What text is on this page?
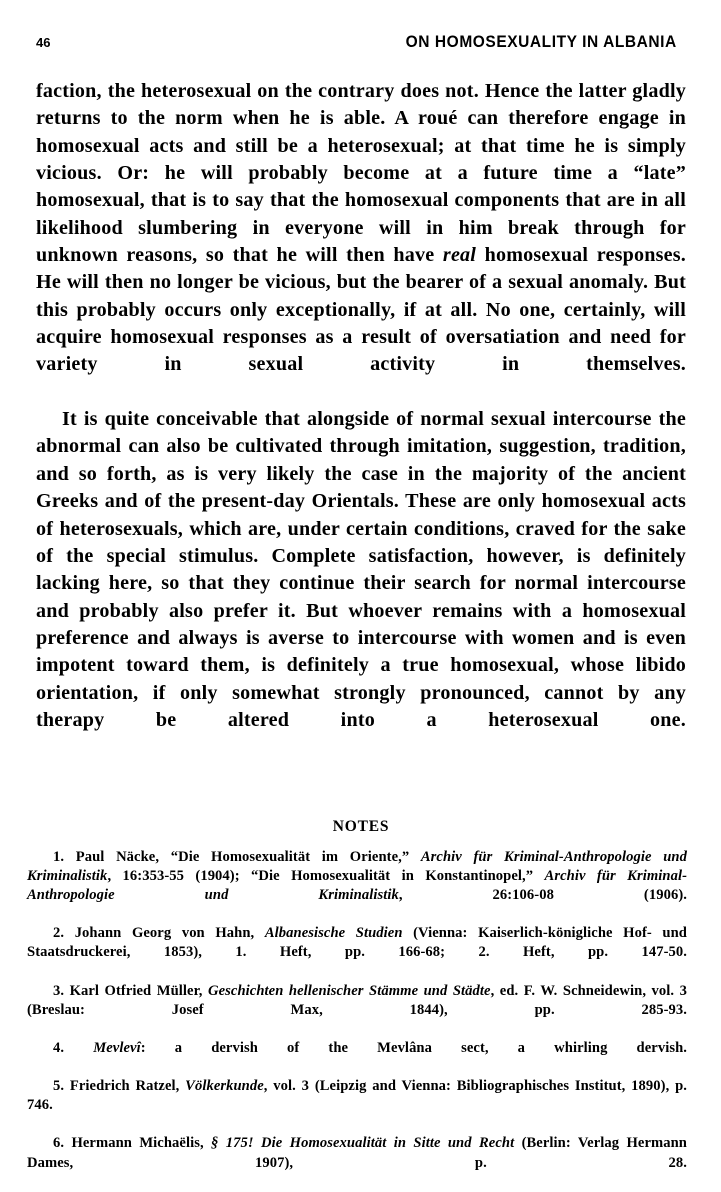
46	ON HOMOSEXUALITY IN ALBANIA

faction, the heterosexual on the contrary does not. Hence the latter gladly returns to the norm when he is able. A roué can therefore engage in homosexual acts and still be a heterosexual; at that time he is simply vicious. Or: he will probably become at a future time a “late” homosexual, that is to say that the homosexual components that are in all likelihood slumbering in everyone will in him break through for unknown reasons, so that he will then have real homosexual responses. He will then no longer be vicious, but the bearer of a sexual anomaly. But this probably occurs only exceptionally, if at all. No one, certainly, will acquire homosexual responses as a result of oversatiation and need for variety in sexual activity in themselves.

It is quite conceivable that alongside of normal sexual intercourse the abnormal can also be cultivated through imitation, suggestion, tradition, and so forth, as is very likely the case in the majority of the ancient Greeks and of the present-day Orientals. These are only homosexual acts of heterosexuals, which are, under certain conditions, craved for the sake of the special stimulus. Complete satisfaction, however, is definitely lacking here, so that they continue their search for normal intercourse and probably also prefer it. But whoever remains with a homosexual preference and always is averse to intercourse with women and is even impotent toward them, is definitely a true homosexual, whose libido orientation, if only somewhat strongly pronounced, cannot by any therapy be altered into a heterosexual one.

NOTES

1. Paul Näcke, “Die Homosexualität im Oriente,” Archiv für Kriminal-Anthropologie und Kriminalistik, 16:353-55 (1904); “Die Homosexualität in Konstantinopel,” Archiv für Kriminal-Anthropologie und Kriminalistik, 26:106-08 (1906).

2. Johann Georg von Hahn, Albanesische Studien (Vienna: Kaiserlich-königliche Hof- und Staatsdruckerei, 1853), 1. Heft, pp. 166-68; 2. Heft, pp. 147-50.

3. Karl Otfried Müller, Geschichten hellenischer Stämme und Städte, ed. F. W. Schneidewin, vol. 3 (Breslau: Josef Max, 1844), pp. 285-93.

4. Mevlevî: a dervish of the Mevlâna sect, a whirling dervish.

5. Friedrich Ratzel, Völkerkunde, vol. 3 (Leipzig and Vienna: Bibliographisches Institut, 1890), p. 746.

6. Hermann Michaëlis, § 175! Die Homosexualität in Sitte und Recht (Berlin: Verlag Hermann Dames, 1907), p. 28.
